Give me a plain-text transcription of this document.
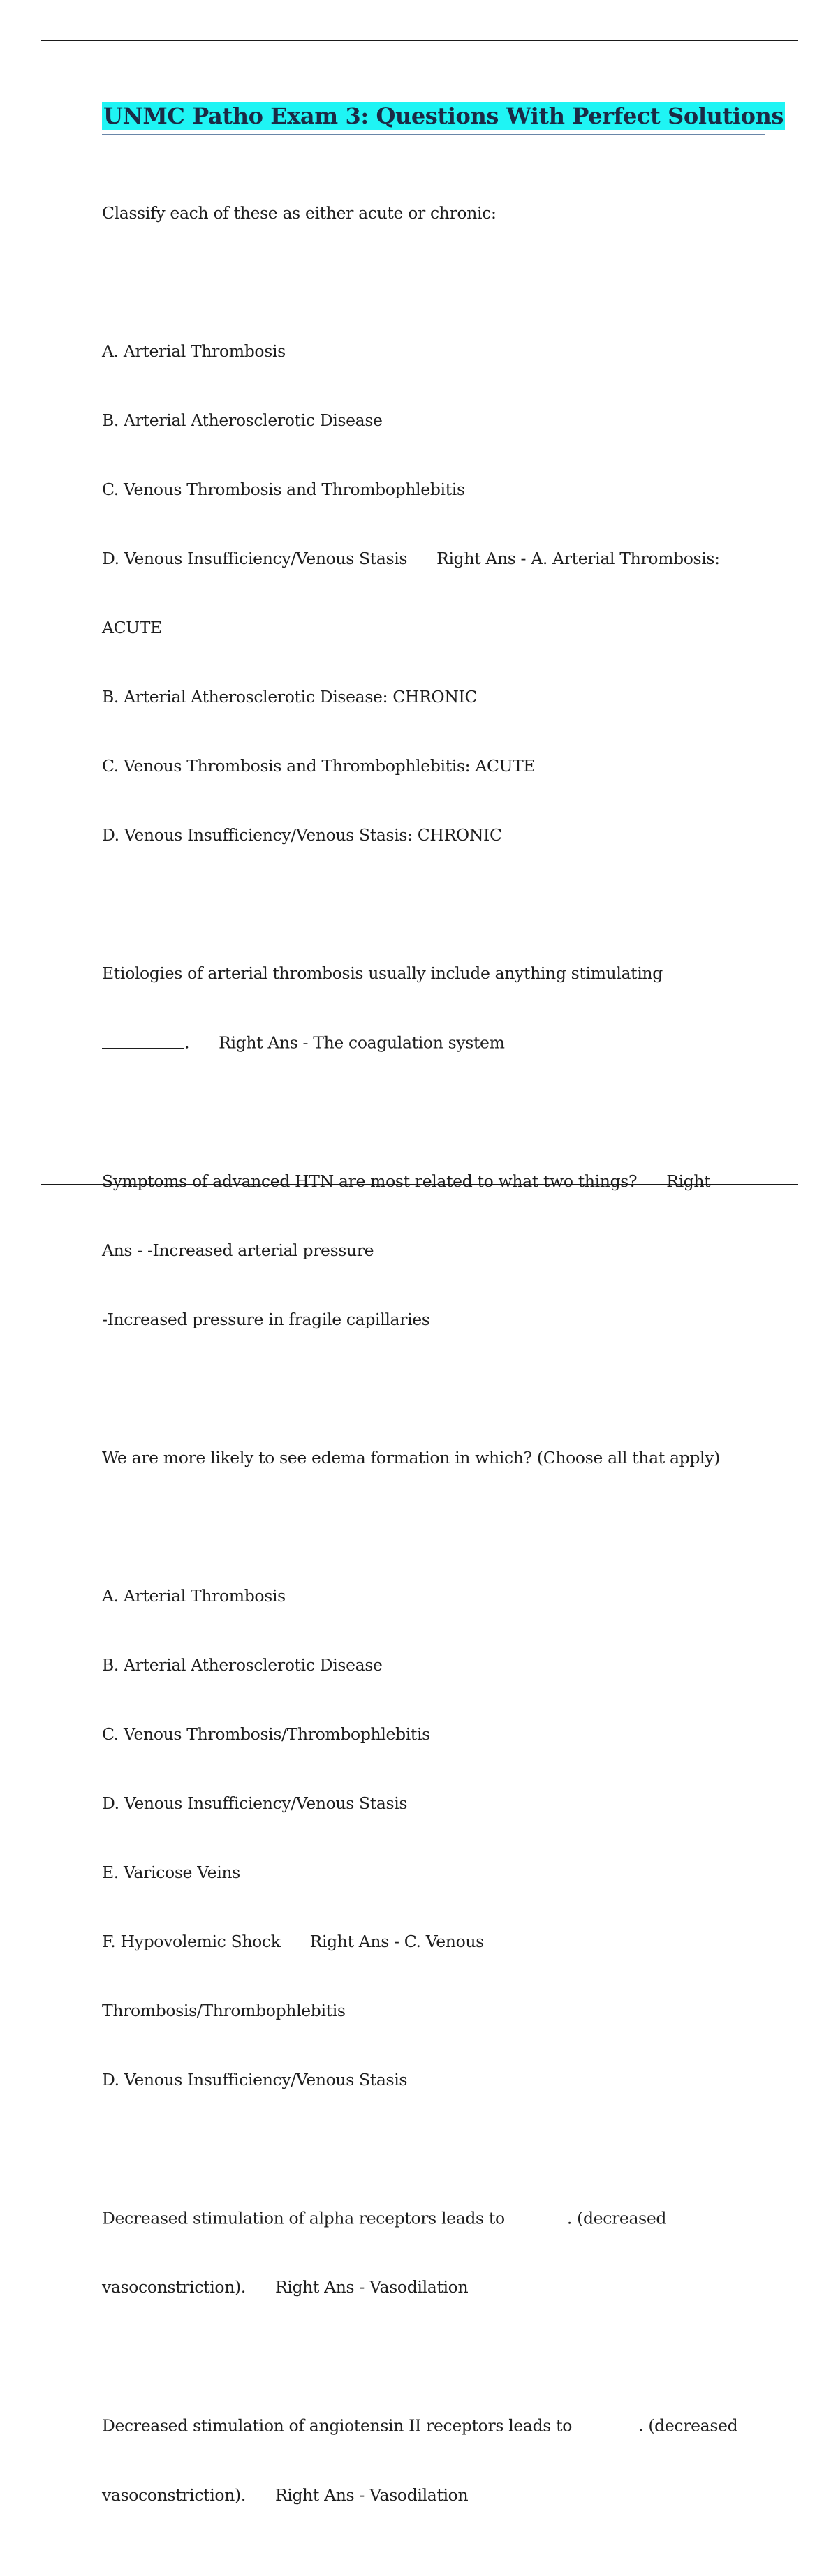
UNMC Patho Exam 3: Questions With Perfect Solutions

Classify each of these as either acute or chronic:

A. Arterial Thrombosis

B. Arterial Atherosclerotic Disease

C. Venous Thrombosis and Thrombophlebitis

D. Venous Insufficiency/Venous Stasis Right Ans - A. Arterial Thrombosis:

ACUTE

B. Arterial Atherosclerotic Disease: CHRONIC

C. Venous Thrombosis and Thrombophlebitis: ACUTE

D. Venous Insufficiency/Venous Stasis: CHRONIC

Etiologies of arterial thrombosis usually include anything stimulating

. Right Ans - The coagulation system

Symptoms of advanced HTN are most related to what two things? Right

Ans - -Increased arterial pressure

-Increased pressure in fragile capillaries

We are more likely to see edema formation in which? (Choose all that apply)

A. Arterial Thrombosis

B. Arterial Atherosclerotic Disease

C. Venous Thrombosis/Thrombophlebitis

D. Venous Insufficiency/Venous Stasis

E. Varicose Veins

F. Hypovolemic Shock Right Ans - C. Venous

Thrombosis/Thrombophlebitis

D. Venous Insufficiency/Venous Stasis

Decreased stimulation of alpha receptors leads to	. (decreased

vasoconstriction). Right Ans - Vasodilation

Decreased stimulation of angiotensin II receptors leads to	. (decreased

vasoconstriction). Right Ans - Vasodilation
